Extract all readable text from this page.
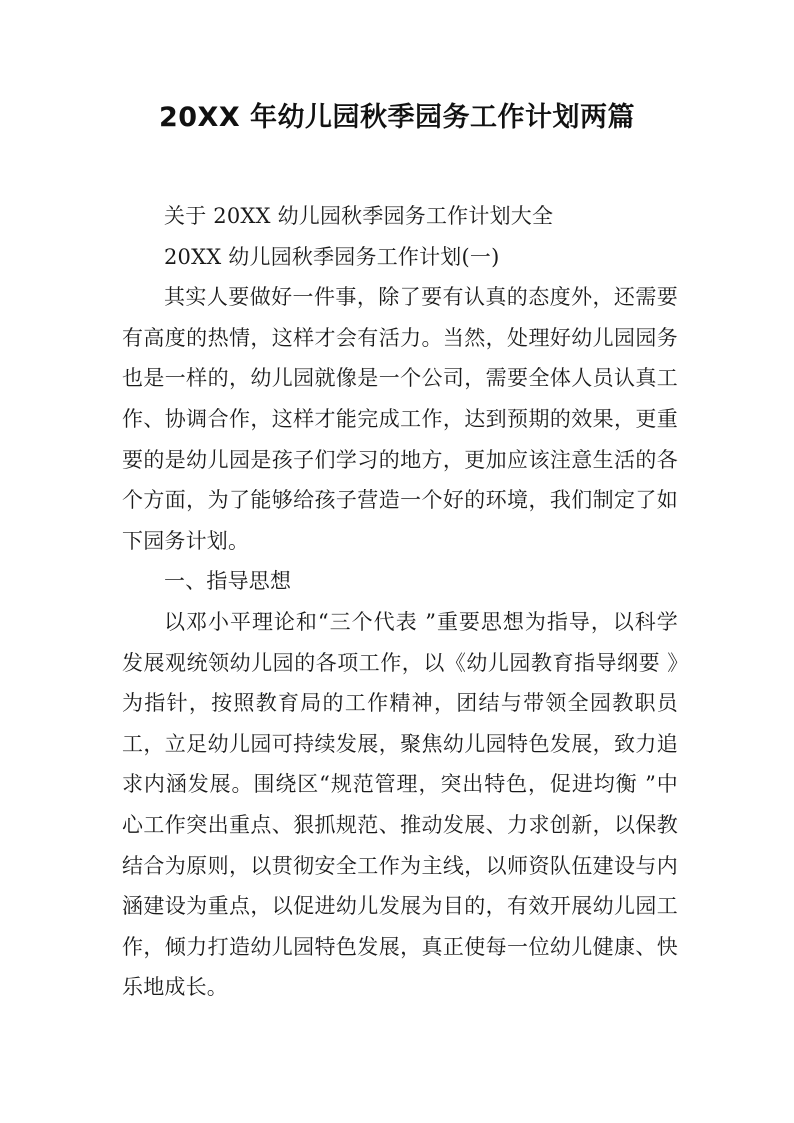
20XX 年幼儿园秋季园务工作计划两篇

关于 20XX 幼儿园秋季园务工作计划大全

20XX 幼儿园秋季园务工作计划(一)

其实人要做好一件事，除了要有认真的态度外，还需要有高度的热情，这样才会有活力。当然，处理好幼儿园园务也是一样的，幼儿园就像是一个公司，需要全体人员认真工作、协调合作，这样才能完成工作，达到预期的效果，更重要的是幼儿园是孩子们学习的地方，更加应该注意生活的各个方面，为了能够给孩子营造一个好的环境，我们制定了如下园务计划。

一、指导思想

以邓小平理论和“三个代表 ”重要思想为指导，以科学发展观统领幼儿园的各项工作，以《幼儿园教育指导纲要 》为指针，按照教育局的工作精神，团结与带领全园教职员工，立足幼儿园可持续发展，聚焦幼儿园特色发展，致力追求内涵发展。围绕区“规范管理，突出特色，促进均衡 ”中心工作突出重点、狠抓规范、推动发展、力求创新，以保教结合为原则，以贯彻安全工作为主线，以师资队伍建设与内涵建设为重点，以促进幼儿发展为目的，有效开展幼儿园工作，倾力打造幼儿园特色发展，真正使每一位幼儿健康、快乐地成长。
